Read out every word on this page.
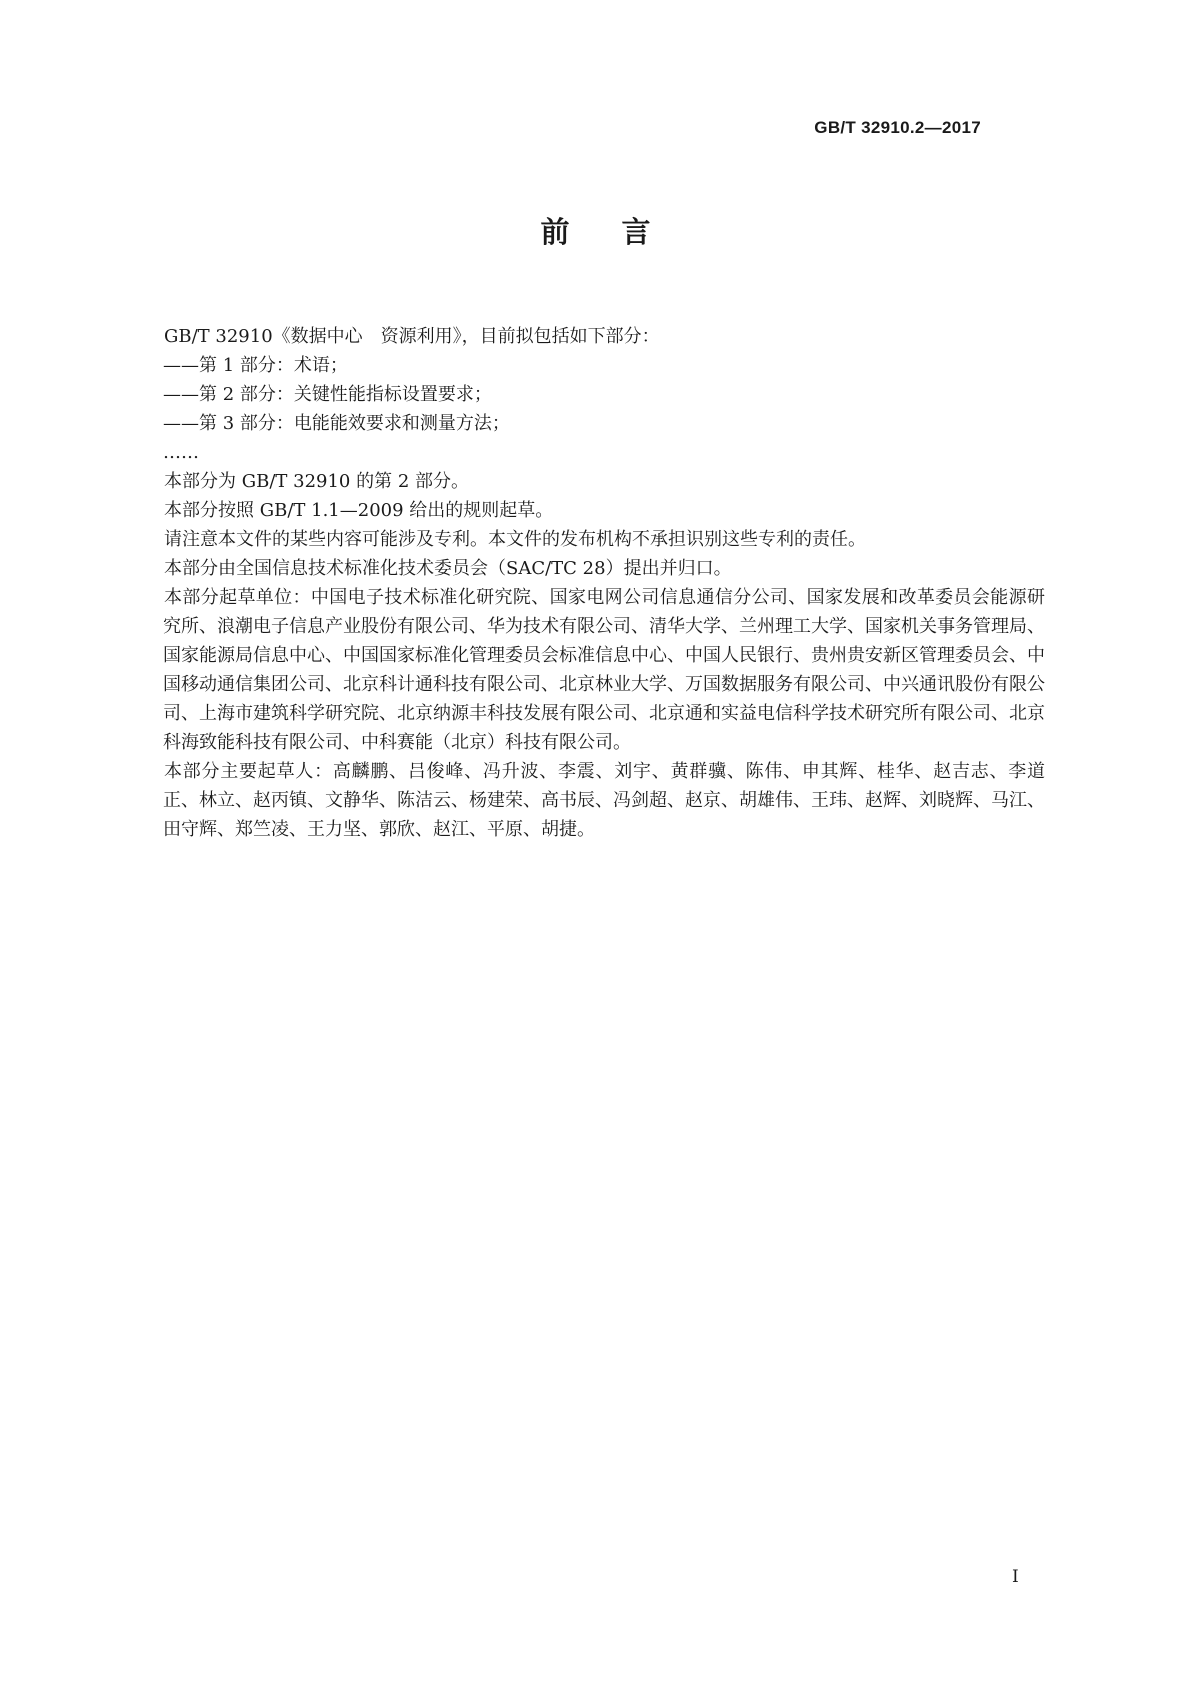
GB/T 32910.2—2017
前言

GB/T 32910《数据中心　资源利用》，目前拟包括如下部分：

——第 1 部分：术语；

——第 2 部分：关键性能指标设置要求；

——第 3 部分：电能能效要求和测量方法；

……

本部分为 GB/T 32910 的第 2 部分。

本部分按照 GB/T 1.1—2009 给出的规则起草。

请注意本文件的某些内容可能涉及专利。本文件的发布机构不承担识别这些专利的责任。

本部分由全国信息技术标准化技术委员会（SAC/TC 28）提出并归口。

本部分起草单位：中国电子技术标准化研究院、国家电网公司信息通信分公司、国家发展和改革委员会能源研究所、浪潮电子信息产业股份有限公司、华为技术有限公司、清华大学、兰州理工大学、国家机关事务管理局、国家能源局信息中心、中国国家标准化管理委员会标准信息中心、中国人民银行、贵州贵安新区管理委员会、中国移动通信集团公司、北京科计通科技有限公司、北京林业大学、万国数据服务有限公司、中兴通讯股份有限公司、上海市建筑科学研究院、北京纳源丰科技发展有限公司、北京通和实益电信科学技术研究所有限公司、北京科海致能科技有限公司、中科赛能（北京）科技有限公司。

本部分主要起草人：高麟鹏、吕俊峰、冯升波、李震、刘宇、黄群骥、陈伟、申其辉、桂华、赵吉志、李道正、林立、赵丙镇、文静华、陈洁云、杨建荣、高书辰、冯剑超、赵京、胡雄伟、王玮、赵辉、刘晓辉、马江、田守辉、郑竺凌、王力坚、郭欣、赵江、平原、胡捷。

I
